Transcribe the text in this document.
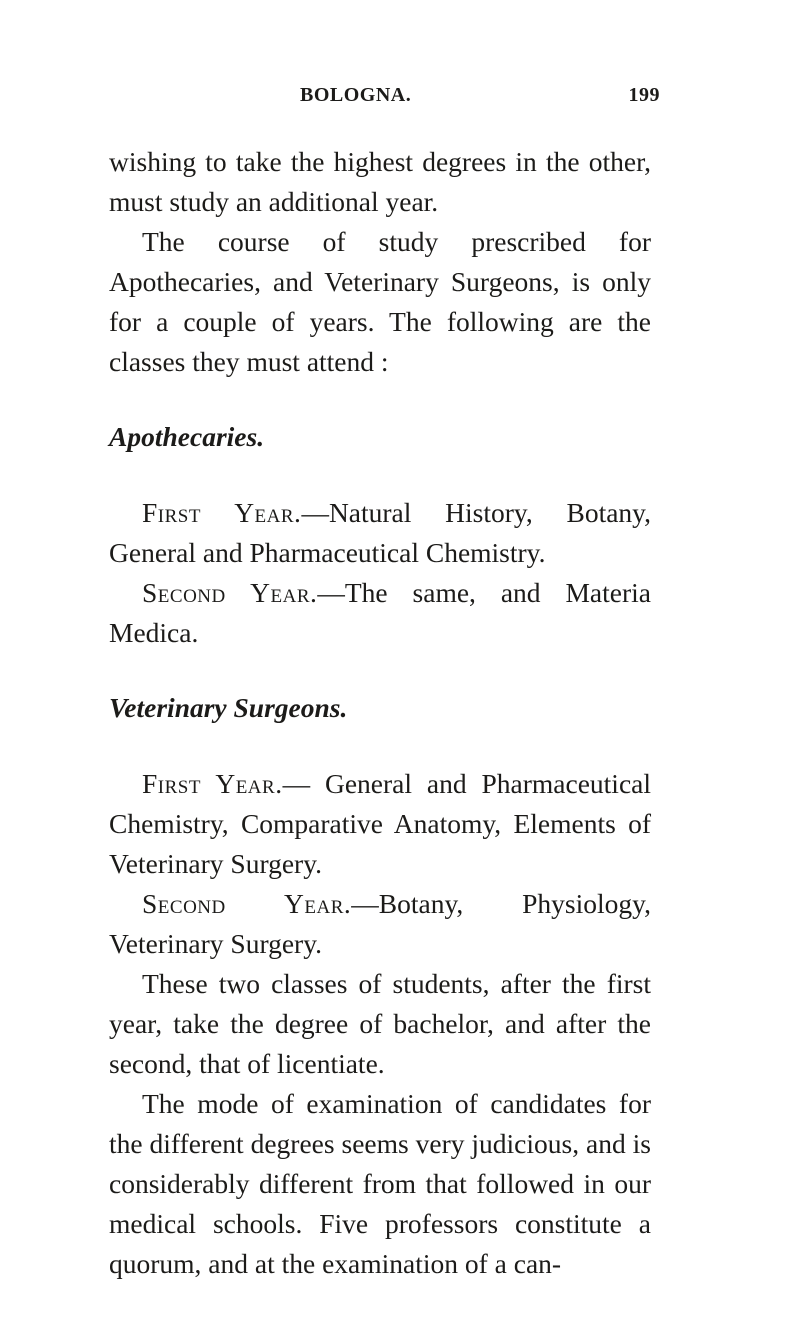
BOLOGNA.	199

wishing to take the highest degrees in the other, must study an additional year.

The course of study prescribed for Apothecaries, and Veterinary Surgeons, is only for a couple of years. The following are the classes they must attend :

Apothecaries.

First Year.—Natural History, Botany, General and Pharmaceutical Chemistry.

Second Year.—The same, and Materia Medica.

Veterinary Surgeons.

First Year.— General and Pharmaceutical Chemistry, Comparative Anatomy, Elements of Veterinary Surgery.

Second Year.—Botany, Physiology, Veterinary Surgery.

These two classes of students, after the first year, take the degree of bachelor, and after the second, that of licentiate.

The mode of examination of candidates for the different degrees seems very judicious, and is considerably different from that followed in our medical schools. Five professors constitute a quorum, and at the examination of a can-
